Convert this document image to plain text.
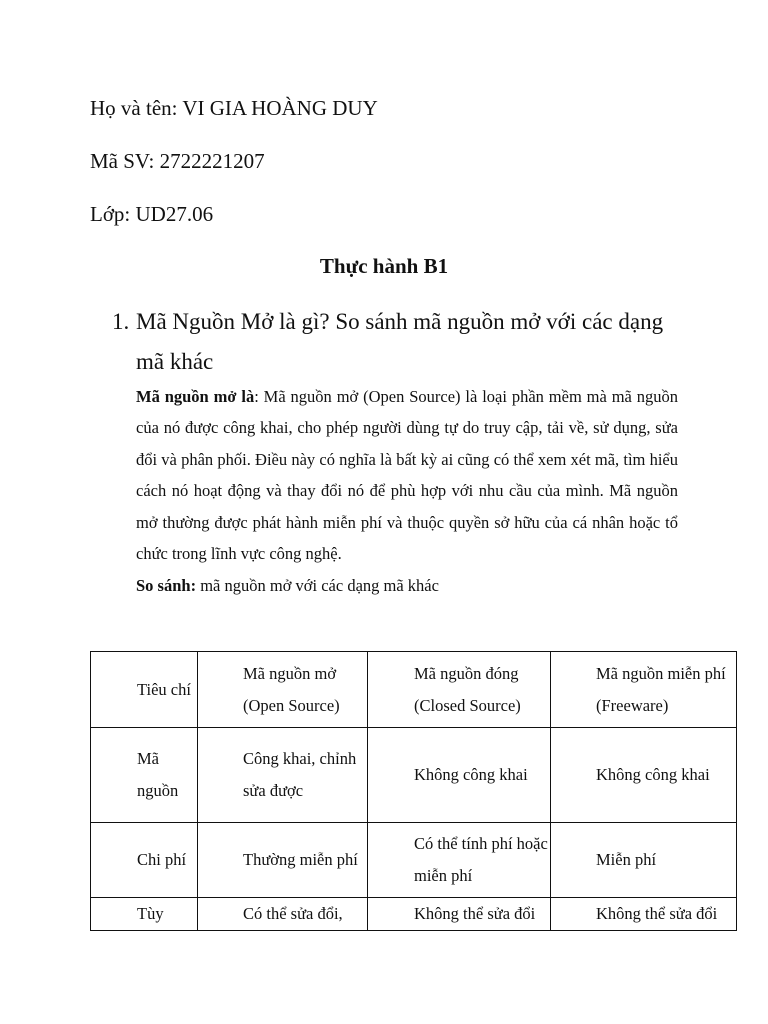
Họ và tên: VI GIA HOÀNG DUY
Mã SV: 2722221207
Lớp: UD27.06
Thực hành B1
1. Mã Nguồn Mở là gì? So sánh mã nguồn mở với các dạng mã khác
Mã nguồn mở là: Mã nguồn mở (Open Source) là loại phần mềm mà mã nguồn của nó được công khai, cho phép người dùng tự do truy cập, tải về, sử dụng, sửa đổi và phân phối. Điều này có nghĩa là bất kỳ ai cũng có thể xem xét mã, tìm hiểu cách nó hoạt động và thay đổi nó để phù hợp với nhu cầu của mình. Mã nguồn mở thường được phát hành miễn phí và thuộc quyền sở hữu của cá nhân hoặc tổ chức trong lĩnh vực công nghệ.
So sánh: mã nguồn mở với các dạng mã khác
Tiêu chí	Mã nguồn mở (Open Source)	Mã nguồn đóng (Closed Source)	Mã nguồn miễn phí (Freeware)
Mã nguồn	Công khai, chỉnh sửa được	Không công khai	Không công khai
Chi phí	Thường miễn phí	Có thể tính phí hoặc miễn phí	Miễn phí
Tùy	Có thể sửa đổi,	Không thể sửa đổi	Không thể sửa đổi
